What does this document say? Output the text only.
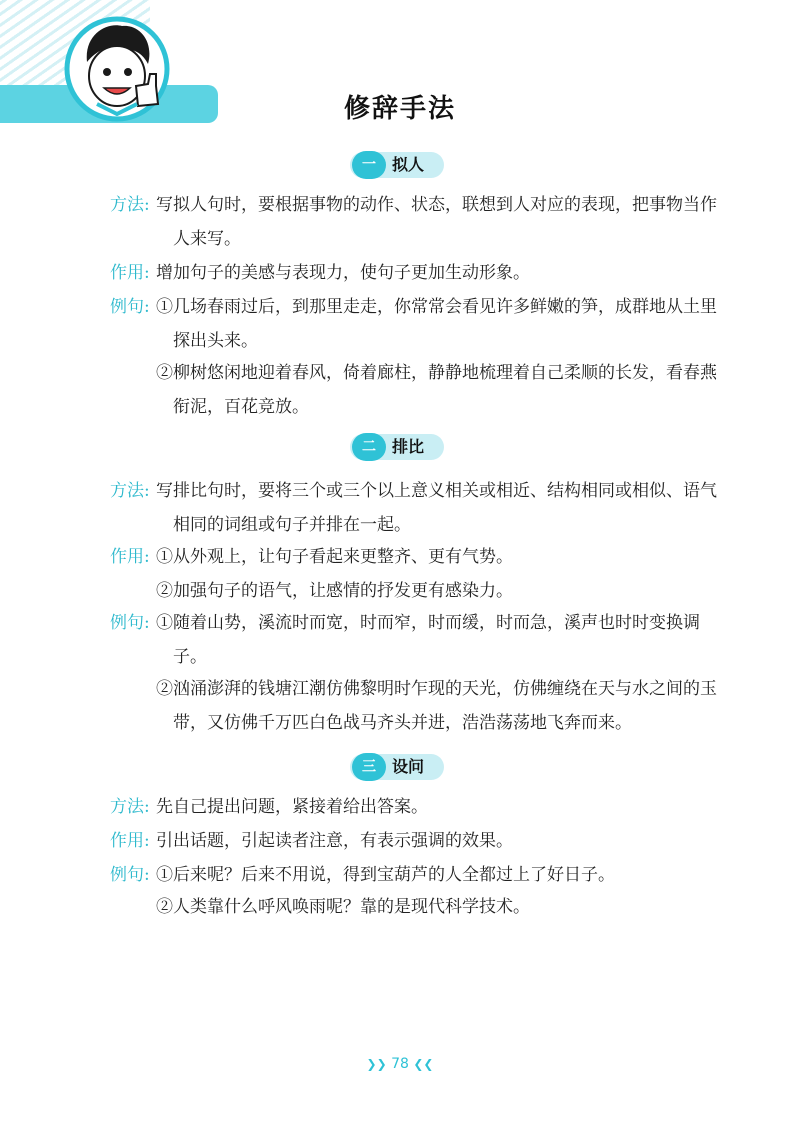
修辞手法
一	拟人
方法: 写拟人句时，要根据事物的动作、状态，联想到人对应的表现，把事物当作人来写。
作用: 增加句子的美感与表现力，使句子更加生动形象。
例句: ①几场春雨过后，到那里走走，你常常会看见许多鲜嫩的笋，成群地从土里探出头来。
②柳树悠闲地迎着春风，倚着廊柱，静静地梳理着自己柔顺的长发，看春燕衔泥，百花竞放。
二	排比
方法: 写排比句时，要将三个或三个以上意义相关或相近、结构相同或相似、语气相同的词组或句子并排在一起。
作用: ①从外观上，让句子看起来更整齐、更有气势。
②加强句子的语气，让感情的抒发更有感染力。
例句: ①随着山势，溪流时而宽，时而窄，时而缓，时而急，溪声也时时变换调子。
②汹涌澎湃的钱塘江潮仿佛黎明时乍现的天光，仿佛缠绕在天与水之间的玉带，又仿佛千万匹白色战马齐头并进，浩浩荡荡地飞奔而来。
三	设问
方法: 先自己提出问题，紧接着给出答案。
作用: 引出话题，引起读者注意，有表示强调的效果。
例句: ①后来呢？后来不用说，得到宝葫芦的人全都过上了好日子。
②人类靠什么呼风唤雨呢？靠的是现代科学技术。
❯❯ 78 ❮❮
